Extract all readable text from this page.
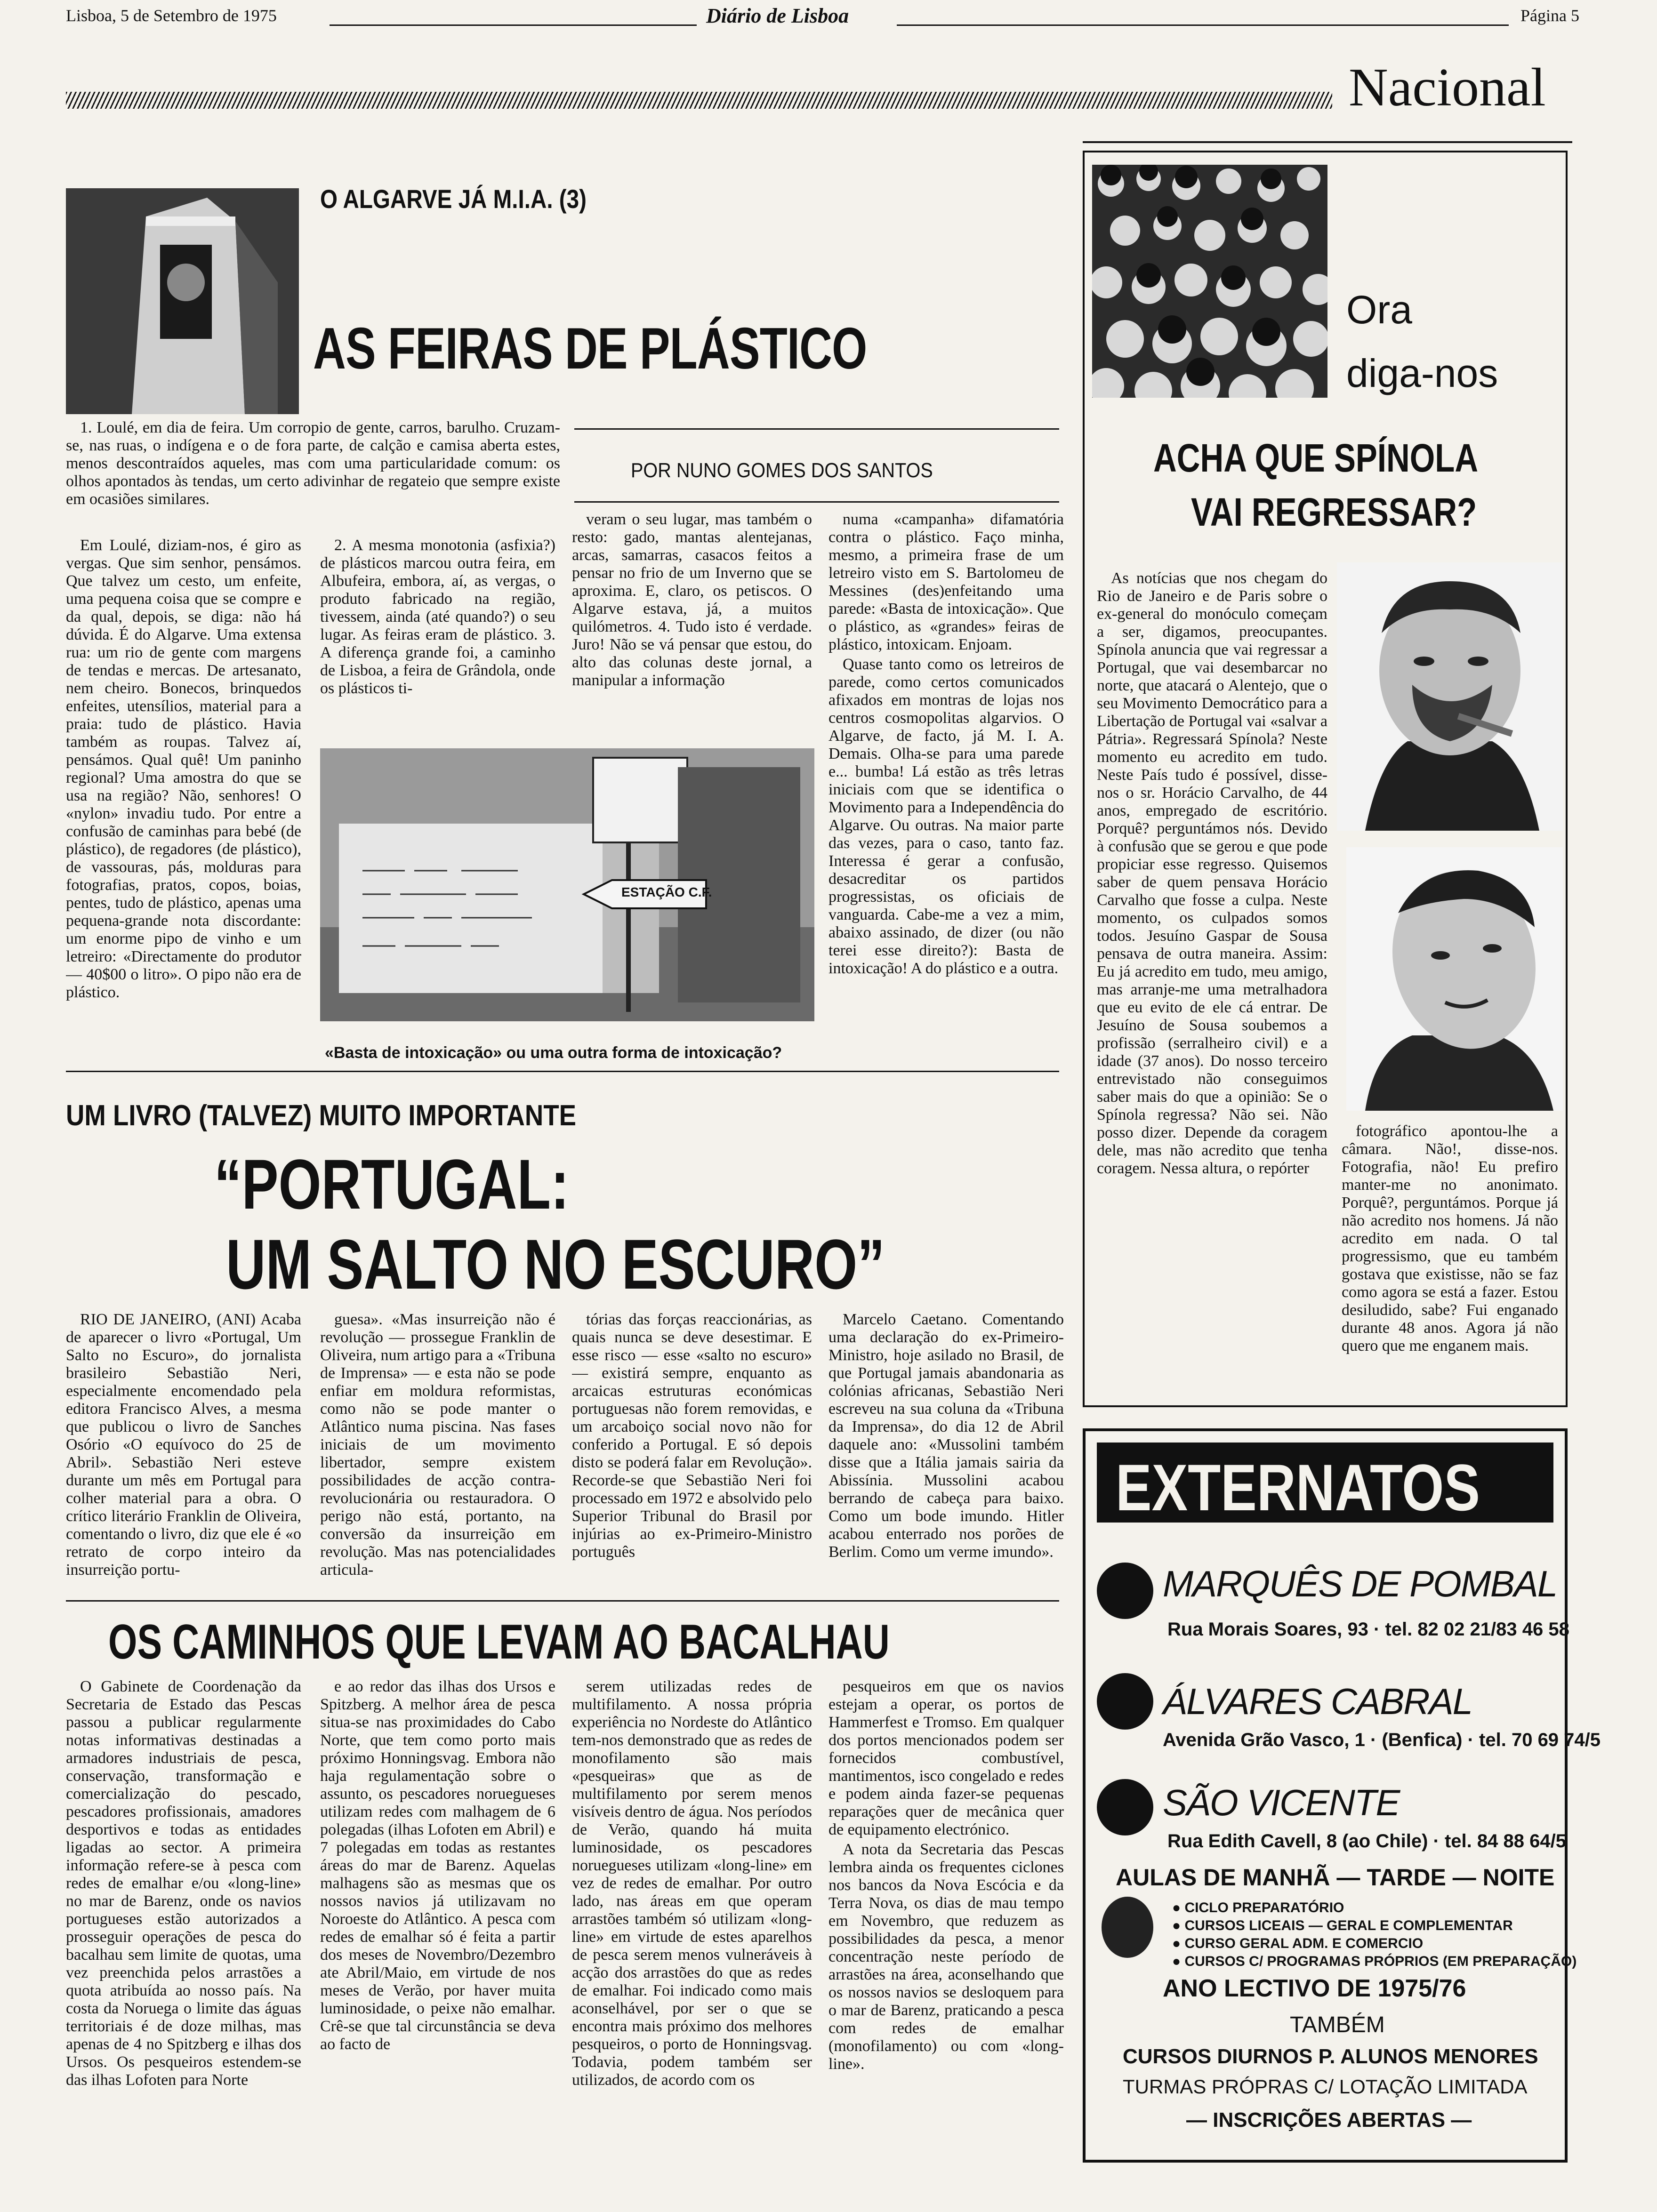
Lisboa, 5 de Setembro de 1975	Diário de Lisboa	Página 5
Nacional
O ALGARVE JÁ M.I.A. (3)
AS FEIRAS DE PLÁSTICO

1. Loulé, em dia de feira. Um corropio de gente, carros, barulho. Cruzam-se, nas ruas, o indígena e o de fora parte, de calção e camisa aberta estes, menos descontraídos aqueles, mas com uma particularidade comum: os olhos apontados às tendas, um certo adivinhar de regateio que sempre existe em ocasiões similares.

POR NUNO GOMES DOS SANTOS

Em Loulé, diziam-nos, é giro as vergas. Que sim senhor, pensámos. Que talvez um cesto, um enfeite, uma pequena coisa que se compre e da qual, depois, se diga: não há dúvida. É do Algarve. Uma extensa rua: um rio de gente com margens de tendas e mercas. De artesanato, nem cheiro. Bonecos, brinquedos enfeites, utensílios, material para a praia: tudo de plástico. Havia também as roupas. Talvez aí, pensámos. Qual quê! Um paninho regional? Uma amostra do que se usa na região? Não, senhores! O «nylon» invadiu tudo. Por entre a confusão de caminhas para bebé (de plástico), de regadores (de plástico), de vassouras, pás, molduras para fotografias, pratos, copos, boias, pentes, tudo de plástico, apenas uma pequena-grande nota discordante: um enorme pipo de vinho e um letreiro: «Directamente do produtor — 40$00 o litro». O pipo não era de plástico.

2. A mesma monotonia (asfixia?) de plásticos marcou outra feira, em Albufeira, embora, aí, as vergas, o produto fabricado na região, tivessem, ainda (até quando?) o seu lugar. As feiras eram de plástico. 3. A diferença grande foi, a caminho de Lisboa, a feira de Grândola, onde os plásticos ti-

veram o seu lugar, mas também o resto: gado, mantas alentejanas, arcas, samarras, casacos feitos a pensar no frio de um Inverno que se aproxima. E, claro, os petiscos. O Algarve estava, já, a muitos quilómetros. 4. Tudo isto é verdade. Juro! Não se vá pensar que estou, do alto das colunas deste jornal, a manipular a informação

numa «campanha» difamatória contra o plástico. Faço minha, mesmo, a primeira frase de um letreiro visto em S. Bartolomeu de Messines (des)enfeitando uma parede: «Basta de intoxicação». Que o plástico, as «grandes» feiras de plástico, intoxicam. Enjoam.

Quase tanto como os letreiros de parede, como certos comunicados afixados em montras de lojas nos centros cosmopolitas algarvios. O Algarve, de facto, já M. I. A. Demais. Olha-se para uma parede e... bumba! Lá estão as três letras iniciais com que se identifica o Movimento para a Independência do Algarve. Ou outras. Na maior parte das vezes, para o caso, tanto faz. Interessa é gerar a confusão, desacreditar os partidos progressistas, os oficiais de vanguarda. Cabe-me a vez a mim, abaixo assinado, de dizer (ou não terei esse direito?): Basta de intoxicação! A do plástico e a outra.

ESTAÇÃO C.F.
«Basta de intoxicação» ou uma outra forma de intoxicação?
UM LIVRO (TALVEZ) MUITO IMPORTANTE
“PORTUGAL:
UM SALTO NO ESCURO”

RIO DE JANEIRO, (ANI) Acaba de aparecer o livro «Portugal, Um Salto no Escuro», do jornalista brasileiro Sebastião Neri, especialmente encomendado pela editora Francisco Alves, a mesma que publicou o livro de Sanches Osório «O equívoco do 25 de Abril». Sebastião Neri esteve durante um mês em Portugal para colher material para a obra. O crítico literário Franklin de Oliveira, comentando o livro, diz que ele é «o retrato de corpo inteiro da insurreição portu-

guesa». «Mas insurreição não é revolução — prossegue Franklin de Oliveira, num artigo para a «Tribuna de Imprensa» — e esta não se pode enfiar em moldura reformistas, como não se pode manter o Atlântico numa piscina. Nas fases iniciais de um movimento libertador, sempre existem possibilidades de acção contra-revolucionária ou restauradora. O perigo não está, portanto, na conversão da insurreição em revolução. Mas nas potencialidades articula-

tórias das forças reaccionárias, as quais nunca se deve desestimar. E esse risco — esse «salto no escuro» — existirá sempre, enquanto as arcaicas estruturas económicas portuguesas não forem removidas, e um arcaboiço social novo não for conferido a Portugal. E só depois disto se poderá falar em Revolução». Recorde-se que Sebastião Neri foi processado em 1972 e absolvido pelo Superior Tribunal do Brasil por injúrias ao ex-Primeiro-Ministro português

Marcelo Caetano. Comentando uma declaração do ex-Primeiro-Ministro, hoje asilado no Brasil, de que Portugal jamais abandonaria as colónias africanas, Sebastião Neri escreveu na sua coluna da «Tribuna da Imprensa», do dia 12 de Abril daquele ano: «Mussolini também disse que a Itália jamais sairia da Abissínia. Mussolini acabou berrando de cabeça para baixo. Como um bode imundo. Hitler acabou enterrado nos porões de Berlim. Como um verme imundo».

OS CAMINHOS QUE LEVAM AO BACALHAU

O Gabinete de Coordenação da Secretaria de Estado das Pescas passou a publicar regularmente notas informativas destinadas a armadores industriais de pesca, conservação, transformação e comercialização do pescado, pescadores profissionais, amadores desportivos e todas as entidades ligadas ao sector. A primeira informação refere-se à pesca com redes de emalhar e/ou «long-line» no mar de Barenz, onde os navios portugueses estão autorizados a prosseguir operações de pesca do bacalhau sem limite de quotas, uma vez preenchida pelos arrastões a quota atribuída ao nosso país. Na costa da Noruega o limite das águas territoriais é de doze milhas, mas apenas de 4 no Spitzberg e ilhas dos Ursos. Os pesqueiros estendem-se das ilhas Lofoten para Norte

e ao redor das ilhas dos Ursos e Spitzberg. A melhor área de pesca situa-se nas proximidades do Cabo Norte, que tem como porto mais próximo Honningsvag. Embora não haja regulamentação sobre o assunto, os pescadores noruegueses utilizam redes com malhagem de 6 polegadas (ilhas Lofoten em Abril) e 7 polegadas em todas as restantes áreas do mar de Barenz. Aquelas malhagens são as mesmas que os nossos navios já utilizavam no Noroeste do Atlântico. A pesca com redes de emalhar só é feita a partir dos meses de Novembro/Dezembro ate Abril/Maio, em virtude de nos meses de Verão, por haver muita luminosidade, o peixe não emalhar. Crê-se que tal circunstância se deva ao facto de

serem utilizadas redes de multifilamento. A nossa própria experiência no Nordeste do Atlântico tem-nos demonstrado que as redes de monofilamento são mais «pesqueiras» que as de multifilamento por serem menos visíveis dentro de água. Nos períodos de Verão, quando há muita luminosidade, os pescadores noruegueses utilizam «long-line» em vez de redes de emalhar. Por outro lado, nas áreas em que operam arrastões também só utilizam «long-line» em virtude de estes aparelhos de pesca serem menos vulneráveis à acção dos arrastões do que as redes de emalhar. Foi indicado como mais aconselhável, por ser o que se encontra mais próximo dos melhores pesqueiros, o porto de Honningsvag. Todavia, podem também ser utilizados, de acordo com os

pesqueiros em que os navios estejam a operar, os portos de Hammerfest e Tromso. Em qualquer dos portos mencionados podem ser fornecidos combustível, mantimentos, isco congelado e redes e podem ainda fazer-se pequenas reparações quer de mecânica quer de equipamento electrónico.

A nota da Secretaria das Pescas lembra ainda os frequentes ciclones nos bancos da Nova Escócia e da Terra Nova, os dias de mau tempo em Novembro, que reduzem as possibilidades da pesca, a menor concentração neste período de arrastões na área, aconselhando que os nossos navios se desloquem para o mar de Barenz, praticando a pesca com redes de emalhar (monofilamento) ou com «long-line».

Ora
diga-nos
ACHA QUE SPÍNOLA
VAI REGRESSAR?

As notícias que nos chegam do Rio de Janeiro e de Paris sobre o ex-general do monóculo começam a ser, digamos, preocupantes. Spínola anuncia que vai regressar a Portugal, que vai desembarcar no norte, que atacará o Alentejo, que o seu Movimento Democrático para a Libertação de Portugal vai «salvar a Pátria». Regressará Spínola? Neste momento eu acredito em tudo. Neste País tudo é possível, disse-nos o sr. Horácio Carvalho, de 44 anos, empregado de escritório. Porquê? perguntámos nós. Devido à confusão que se gerou e que pode propiciar esse regresso. Quisemos saber de quem pensava Horácio Carvalho que fosse a culpa. Neste momento, os culpados somos todos. Jesuíno Gaspar de Sousa pensava de outra maneira. Assim: Eu já acredito em tudo, meu amigo, mas arranje-me uma metralhadora que eu evito de ele cá entrar. De Jesuíno de Sousa soubemos a profissão (serralheiro civil) e a idade (37 anos). Do nosso terceiro entrevistado não conseguimos saber mais do que a opinião: Se o Spínola regressa? Não sei. Não posso dizer. Depende da coragem dele, mas não acredito que tenha coragem. Nessa altura, o repórter

fotográfico apontou-lhe a câmara. Não!, disse-nos. Fotografia, não! Eu prefiro manter-me no anonimato. Porquê?, perguntámos. Porque já não acredito nos homens. Já não acredito em nada. O tal progressismo, que eu também gostava que existisse, não se faz como agora se está a fazer. Estou desiludido, sabe? Fui enganado durante 48 anos. Agora já não quero que me enganem mais.

EXTERNATOS
MARQUÊS DE POMBAL
Rua Morais Soares, 93 · tel. 82 02 21/83 46 58
ÁLVARES CABRAL
Avenida Grão Vasco, 1 · (Benfica) · tel. 70 69 74/5
SÃO VICENTE
Rua Edith Cavell, 8 (ao Chile) · tel. 84 88 64/5
AULAS DE MANHÃ — TARDE — NOITE
● CICLO PREPARATÓRIO
● CURSOS LICEAIS — GERAL E COMPLEMENTAR
● CURSO GERAL ADM. E COMERCIO
● CURSOS C/ PROGRAMAS PRÓPRIOS (EM PREPARAÇÃO)
ANO LECTIVO DE 1975/76
TAMBÉM
CURSOS DIURNOS P. ALUNOS MENORES
TURMAS PRÓPRAS C/ LOTAÇÃO LIMITADA
— INSCRIÇÕES ABERTAS —
